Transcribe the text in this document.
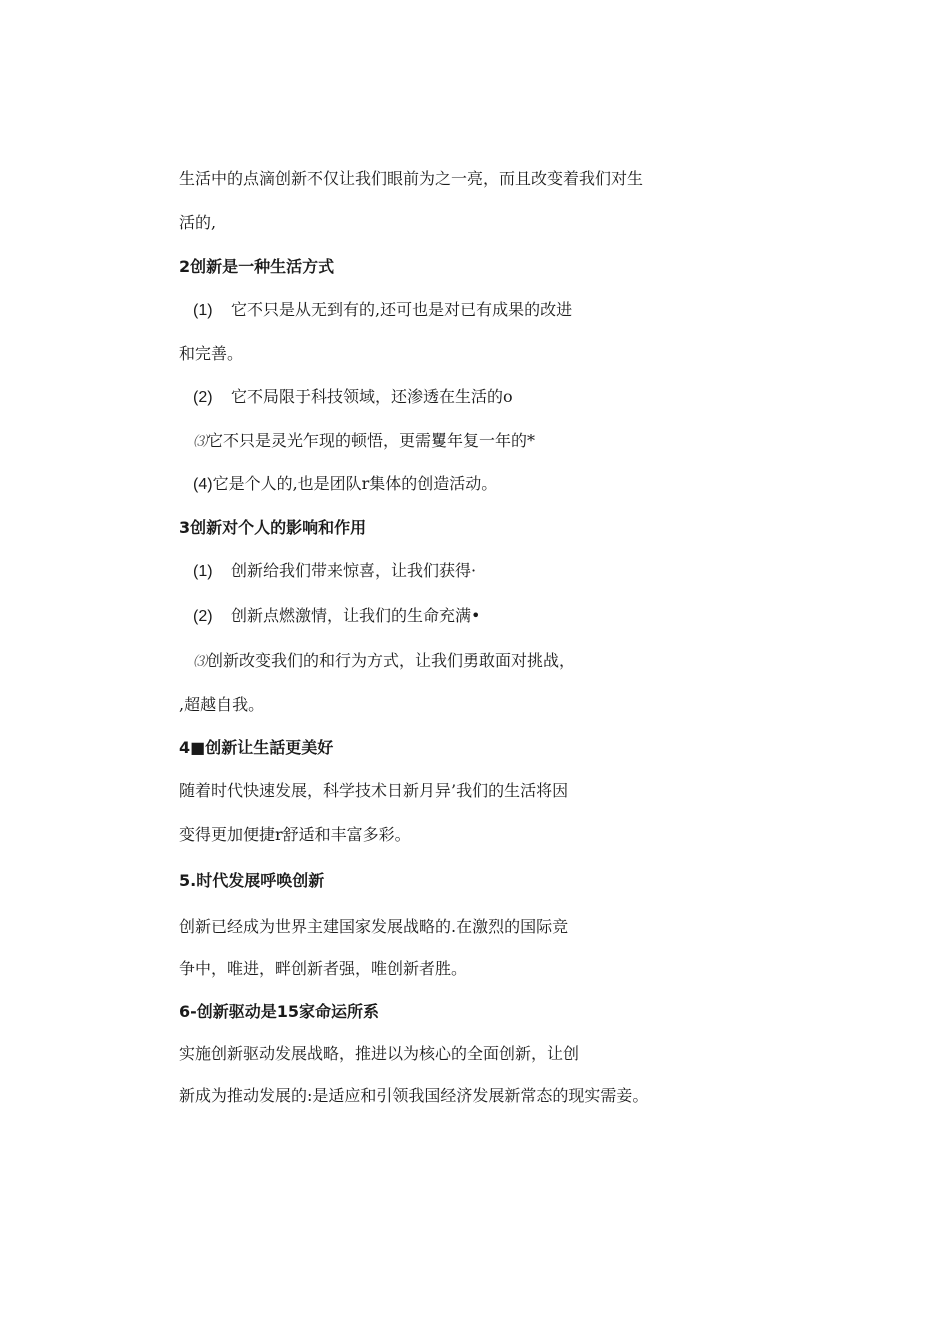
生活中的点滴创新不仅让我们眼前为之一亮，而且改变着我们对生
活的,
2创新是一种生活方式
(1) 它不只是从无到有的,还可也是对已有成果的改进
和完善。
(2) 它不局限于科技领域，还渗透在生活的o
⑶它不只是灵光乍现的顿悟，更需矍年复一年的*
(4)它是个人的,也是团队r集体的创造活动。
3创新对个人的影响和作用
(1) 创新给我们带来惊喜，让我们获得·
(2) 创新点燃激情，让我们的生命充满•
⑶创新改变我们的和行为方式，让我们勇敢面对挑战，
,超越自我。
4■创新让生話更美好
随着时代快速发展，科学技术日新月异’我们的生活将因
变得更加便捷r舒适和丰富多彩。
5.时代发展呼唤创新
创新已经成为世界主建国家发展战略的.在激烈的国际竞
争中，唯进，畔创新者强，唯创新者胜。
6-创新驱动是15家命运所系
实施创新驱动发展战略，推进以为核心的全面创新，让创
新成为推动发展的:是适应和引领我国经济发展新常态的现实需妾。
